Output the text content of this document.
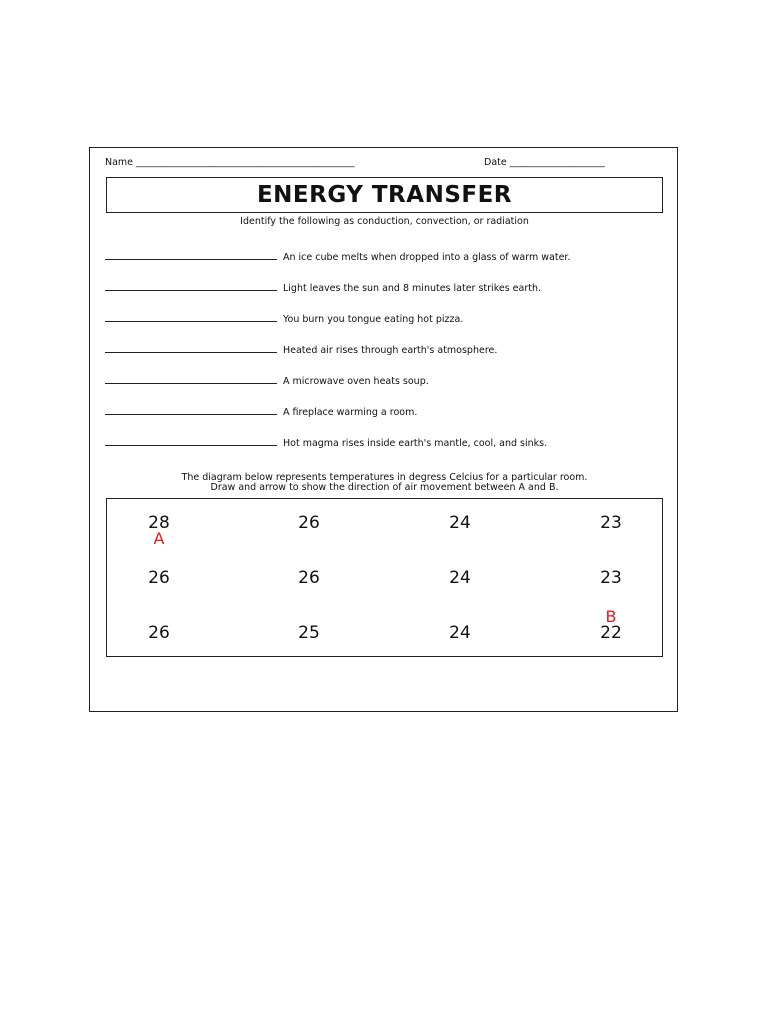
Name ______________________________________________	Date ____________________
ENERGY TRANSFER
Identify the following as conduction, convection, or radiation
An ice cube melts when dropped into a glass of warm water.
Light leaves the sun and 8 minutes later strikes earth.
You burn you tongue eating hot pizza.
Heated air rises through earth's atmosphere.
A microwave oven heats soup.
A fireplace warming a room.
Hot magma rises inside earth's mantle, cool, and sinks.
The diagram below represents temperatures in degress Celcius for a particular room.
Draw and arrow to show the direction of air movement between A and B.
28	26	24	23
A
26	26	24	23
B
26	25	24	22
